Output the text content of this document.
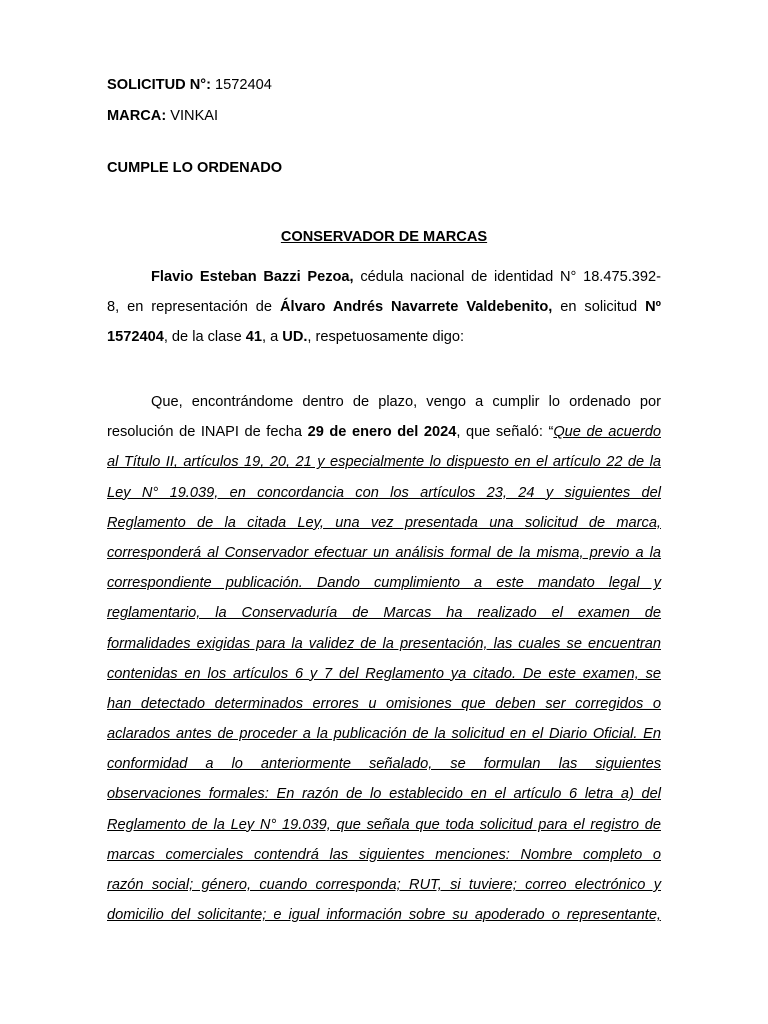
SOLICITUD N°: 1572404
MARCA: VINKAI
CUMPLE LO ORDENADO
CONSERVADOR DE MARCAS
Flavio Esteban Bazzi Pezoa, cédula nacional de identidad N° 18.475.392-
8, en representación de Álvaro Andrés Navarrete Valdebenito, en solicitud Nº
1572404, de la clase 41, a UD., respetuosamente digo:
Que, encontrándome dentro de plazo, vengo a cumplir lo ordenado por
resolución de INAPI de fecha 29 de enero del 2024, que señaló: “Que de acuerdo
al Título II, artículos 19, 20, 21 y especialmente lo dispuesto en el artículo 22 de la
Ley N° 19.039, en concordancia con los artículos 23, 24 y siguientes del
Reglamento de la citada Ley, una vez presentada una solicitud de marca,
corresponderá al Conservador efectuar un análisis formal de la misma, previo a la
correspondiente publicación. Dando cumplimiento a este mandato legal y
reglamentario, la Conservaduría de Marcas ha realizado el examen de
formalidades exigidas para la validez de la presentación, las cuales se encuentran
contenidas en los artículos 6 y 7 del Reglamento ya citado. De este examen, se
han detectado determinados errores u omisiones que deben ser corregidos o
aclarados antes de proceder a la publicación de la solicitud en el Diario Oficial. En
conformidad a lo anteriormente señalado, se formulan las siguientes
observaciones formales: En razón de lo establecido en el artículo 6 letra a) del
Reglamento de la Ley N° 19.039, que señala que toda solicitud para el registro de
marcas comerciales contendrá las siguientes menciones: Nombre completo o
razón social; género, cuando corresponda; RUT, si tuviere; correo electrónico y
domicilio del solicitante; e igual información sobre su apoderado o representante,
